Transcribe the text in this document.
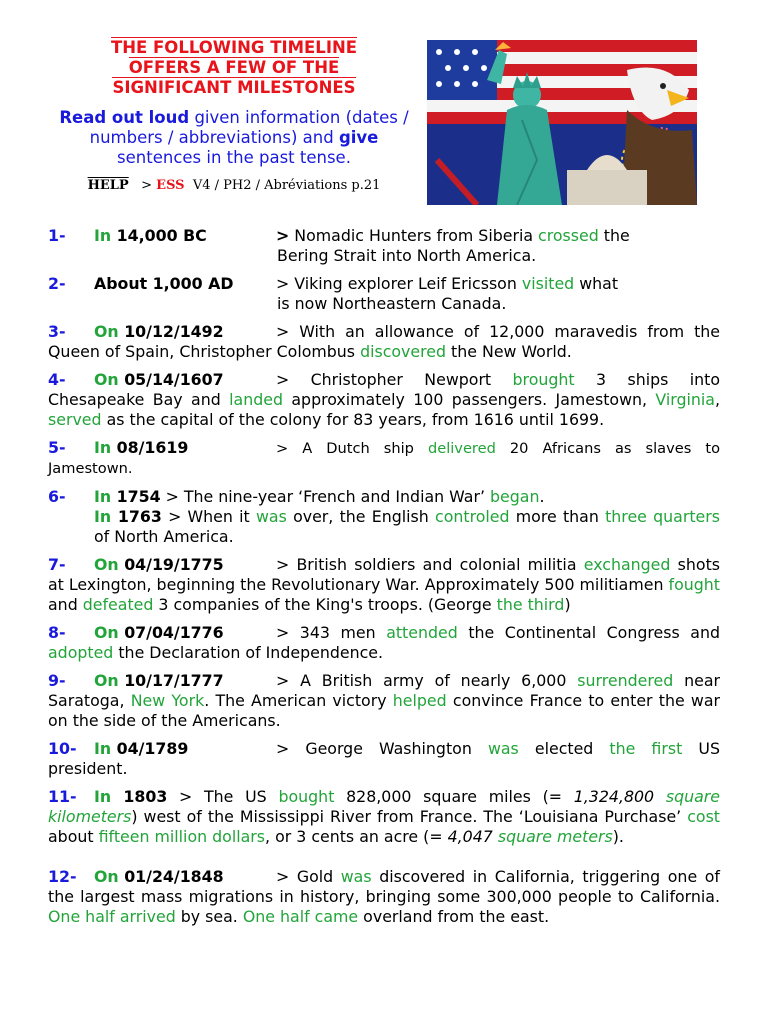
THE FOLLOWING TIMELINE
OFFERS A FEW OF THE
SIGNIFICANT MILESTONES
Read out loud given information (dates / numbers / abbreviations) and give sentences in the past tense.
HELP > ESS V4 / PH2 / Abréviations p.21
1- In 14,000 BC	> Nomadic Hunters from Siberia crossed the
Bering Strait into North America.
2- About 1,000 AD	> Viking explorer Leif Ericsson visited what
is now Northeastern Canada.
3- On 10/12/1492	> With an allowance of 12,000 maravedis from the Queen of Spain, Christopher Colombus discovered the New World.
4- On 05/14/1607	> Christopher Newport brought 3 ships into Chesapeake Bay and landed approximately 100 passengers. Jamestown, Virginia, served as the capital of the colony for 83 years, from 1616 until 1699.
5- In 08/1619	> A Dutch ship delivered 20 Africans as slaves to Jamestown.
6- In 1754 > The nine-year ‘French and Indian War’ began.
In 1763 > When it was over, the English controled more than three quarters of North America.
7- On 04/19/1775	> British soldiers and colonial militia exchanged shots at Lexington, beginning the Revolutionary War. Approximately 500 militiamen fought and defeated 3 companies of the King's troops. (George the third)
8- On 07/04/1776	> 343 men attended the Continental Congress and adopted the Declaration of Independence.
9- On 10/17/1777	> A British army of nearly 6,000 surrendered near Saratoga, New York. The American victory helped convince France to enter the war on the side of the Americans.
10- In 04/1789	> George Washington was elected the first US president.
11- In 1803 > The US bought 828,000 square miles (= 1,324,800 square kilometers) west of the Mississippi River from France. The ‘Louisiana Purchase’ cost about fifteen million dollars, or 3 cents an acre (= 4,047 square meters).
12- On 01/24/1848	> Gold was discovered in California, triggering one of the largest mass migrations in history, bringing some 300,000 people to California. One half arrived by sea. One half came overland from the east.
